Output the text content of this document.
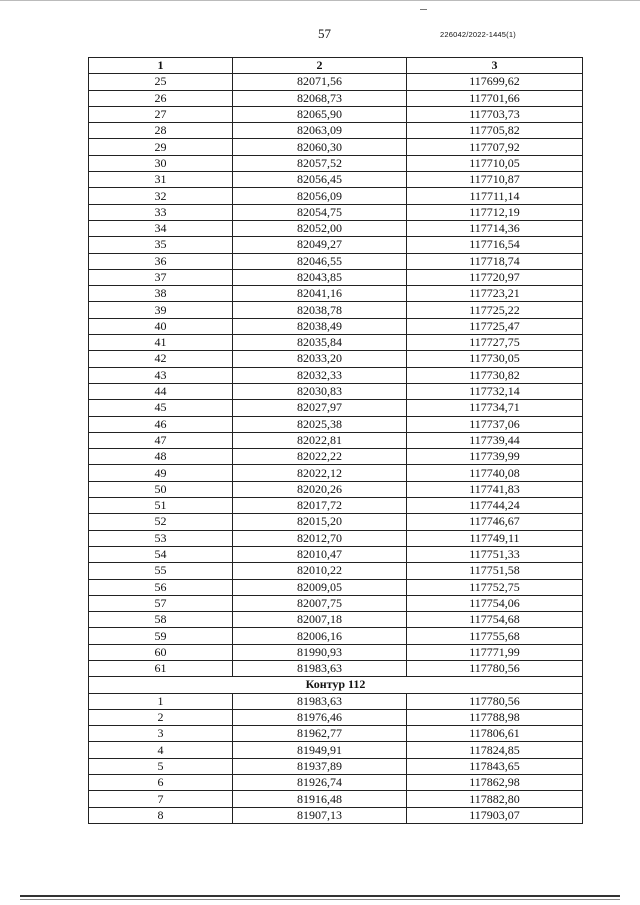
57	226042/2022-1445(1)
1	2	3
25	82071,56	117699,62
26	82068,73	117701,66
27	82065,90	117703,73
28	82063,09	117705,82
29	82060,30	117707,92
30	82057,52	117710,05
31	82056,45	117710,87
32	82056,09	117711,14
33	82054,75	117712,19
34	82052,00	117714,36
35	82049,27	117716,54
36	82046,55	117718,74
37	82043,85	117720,97
38	82041,16	117723,21
39	82038,78	117725,22
40	82038,49	117725,47
41	82035,84	117727,75
42	82033,20	117730,05
43	82032,33	117730,82
44	82030,83	117732,14
45	82027,97	117734,71
46	82025,38	117737,06
47	82022,81	117739,44
48	82022,22	117739,99
49	82022,12	117740,08
50	82020,26	117741,83
51	82017,72	117744,24
52	82015,20	117746,67
53	82012,70	117749,11
54	82010,47	117751,33
55	82010,22	117751,58
56	82009,05	117752,75
57	82007,75	117754,06
58	82007,18	117754,68
59	82006,16	117755,68
60	81990,93	117771,99
61	81983,63	117780,56
Контур 112		
1	81983,63	117780,56
2	81976,46	117788,98
3	81962,77	117806,61
4	81949,91	117824,85
5	81937,89	117843,65
6	81926,74	117862,98
7	81916,48	117882,80
8	81907,13	117903,07
